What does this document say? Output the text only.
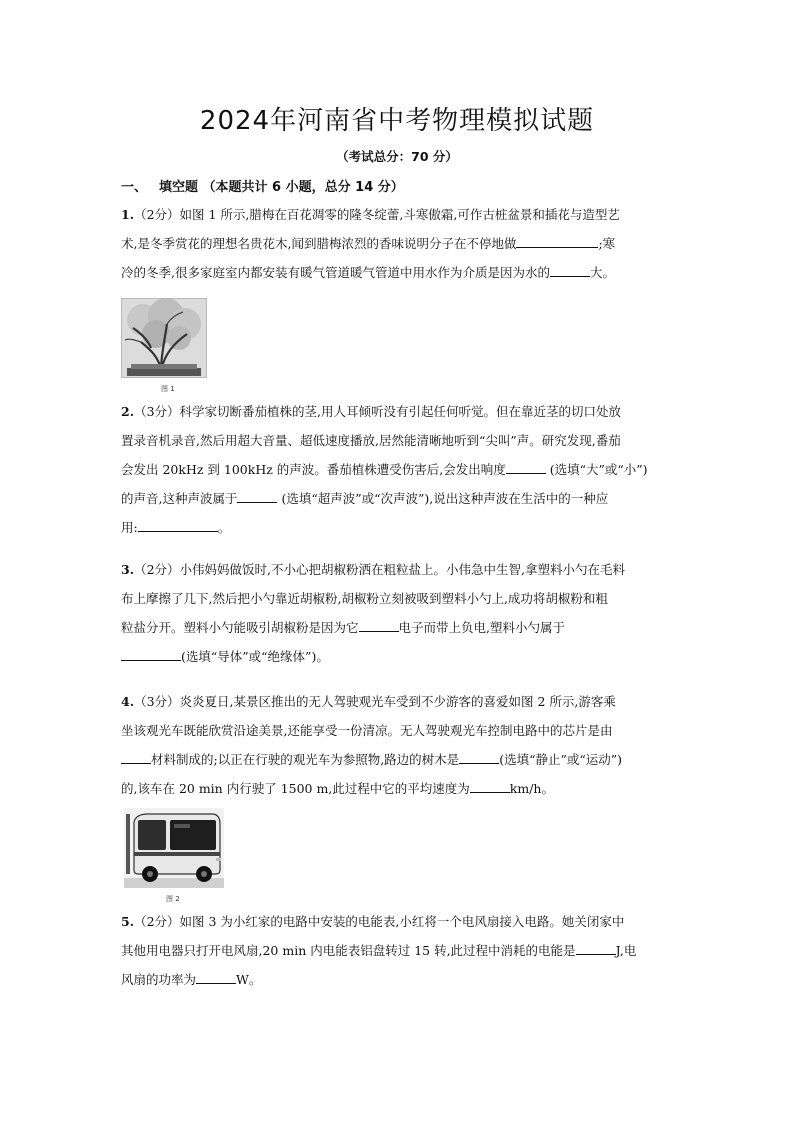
2024年河南省中考物理模拟试题
（考试总分：70 分）
一、 填空题 （本题共计 6 小题，总分 14 分）
1.（2分）如图 1 所示,腊梅在百花凋零的隆冬绽蕾,斗寒傲霜,可作古桩盆景和插花与造型艺
术,是冬季赏花的理想名贵花木,闻到腊梅浓烈的香味说明分子在不停地做	;寒
冷的冬季,很多家庭室内都安装有暖气管道暖气管道中用水作为介质是因为水的	大。
图 1
2.（3分）科学家切断番茄植株的茎,用人耳倾听没有引起任何听觉。但在靠近茎的切口处放
置录音机录音,然后用超大音量、超低速度播放,居然能清晰地听到“尖叫”声。研究发现,番茄
会发出 20kHz 到 100kHz 的声波。番茄植株遭受伤害后,会发出响度	(选填“大”或“小”)
的声音,这种声波属于	(选填“超声波”或“次声波”),说出这种声波在生活中的一种应
用:	。
3.（2分）小伟妈妈做饭时,不小心把胡椒粉洒在粗粒盐上。小伟急中生智,拿塑料小勺在毛料
布上摩擦了几下,然后把小勺靠近胡椒粉,胡椒粉立刻被吸到塑料小勺上,成功将胡椒粉和粗
粒盐分开。塑料小勺能吸引胡椒粉是因为它	电子而带上负电,塑料小勺属于
(选填“导体”或“绝缘体”)。
4.（3分）炎炎夏日,某景区推出的无人驾驶观光车受到不少游客的喜爱如图 2 所示,游客乘
坐该观光车既能欣赏沿途美景,还能享受一份清凉。无人驾驶观光车控制电路中的芯片是由
材料制成的;以正在行驶的观光车为参照物,路边的树木是	(选填“静止”或“运动”)
的,该车在 20 min 内行驶了 1500 m,此过程中它的平均速度为	km/h。
图 2
5.（2分）如图 3 为小红家的电路中安装的电能表,小红将一个电风扇接入电路。她关闭家中
其他用电器只打开电风扇,20 min 内电能表铝盘转过 15 转,此过程中消耗的电能是	J,电
风扇的功率为	W。
